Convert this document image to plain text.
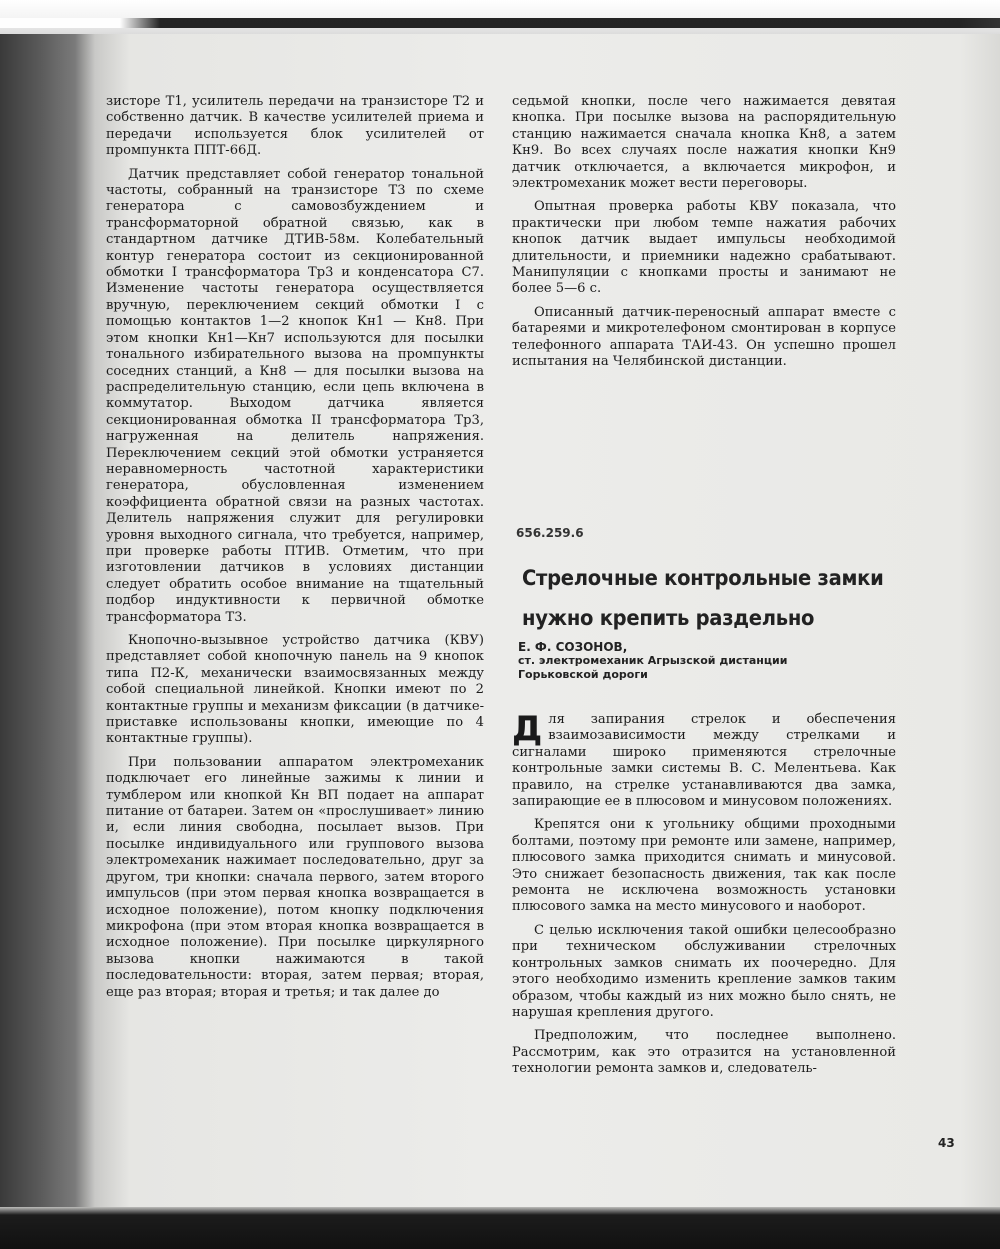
зисторе Т1, усилитель передачи на транзисторе Т2 и собственно датчик. В качестве усилителей приема и передачи используется блок усилителей от промпункта ППТ-66Д.

Датчик представляет собой генератор тональной частоты, собранный на транзисторе Т3 по схеме генератора с самовозбуждением и трансформаторной обратной связью, как в стандартном датчике ДТИВ-58м. Колебательный контур генератора состоит из секционированной обмотки I трансформатора Тр3 и конденсатора С7. Изменение частоты генератора осуществляется вручную, переключением секций обмотки I с помощью контактов 1—2 кнопок Кн1 — Кн8. При этом кнопки Кн1—Кн7 используются для посылки тонального избирательного вызова на промпункты соседних станций, а Кн8 — для посылки вызова на распределительную станцию, если цепь включена в коммутатор. Выходом датчика является секционированная обмотка II трансформатора Тр3, нагруженная на делитель напряжения. Переключением секций этой обмотки устраняется неравномерность частотной характеристики генератора, обусловленная изменением коэффициента обратной связи на разных частотах. Делитель напряжения служит для регулировки уровня выходного сигнала, что требуется, например, при проверке работы ПТИВ. Отметим, что при изготовлении датчиков в условиях дистанции следует обратить особое внимание на тщательный подбор индуктивности к первичной обмотке трансформатора Т3.

Кнопочно-вызывное устройство датчика (КВУ) представляет собой кнопочную панель на 9 кнопок типа П2-К, механически взаимосвязанных между собой специальной линейкой. Кнопки имеют по 2 контактные группы и механизм фиксации (в датчике-приставке использованы кнопки, имеющие по 4 контактные группы).

При пользовании аппаратом электромеханик подключает его линейные зажимы к линии и тумблером или кнопкой Кн ВП подает на аппарат питание от батареи. Затем он «прослушивает» линию и, если линия свободна, посылает вызов. При посылке индивидуального или группового вызова электромеханик нажимает последовательно, друг за другом, три кнопки: сначала первого, затем второго импульсов (при этом первая кнопка возвращается в исходное положение), потом кнопку подключения микрофона (при этом вторая кнопка возвращается в исходное положение). При посылке циркулярного вызова кнопки нажимаются в такой последовательности: вторая, затем первая; вторая, еще раз вторая; вторая и третья; и так далее до

седьмой кнопки, после чего нажимается девятая кнопка. При посылке вызова на распорядительную станцию нажимается сначала кнопка Кн8, а затем Кн9. Во всех случаях после нажатия кнопки Кн9 датчик отключается, а включается микрофон, и электромеханик может вести переговоры.

Опытная проверка работы КВУ показала, что практически при любом темпе нажатия рабочих кнопок датчик выдает импульсы необходимой длительности, и приемники надежно срабатывают. Манипуляции с кнопками просты и занимают не более 5—6 с.

Описанный датчик-переносный аппарат вместе с батареями и микротелефоном смонтирован в корпусе телефонного аппарата ТАИ-43. Он успешно прошел испытания на Челябинской дистанции.

656.259.6
Стрелочные контрольные замки
нужно крепить раздельно
Е. Ф. СОЗОНОВ,
ст. электромеханик Агрызской дистанции
Горьковской дороги

Для запирания стрелок и обеспечения взаимозависимости между стрелками и сигналами широко применяются стрелочные контрольные замки системы В. С. Мелентьева. Как правило, на стрелке устанавливаются два замка, запирающие ее в плюсовом и минусовом положениях.

Крепятся они к угольнику общими проходными болтами, поэтому при ремонте или замене, например, плюсового замка приходится снимать и минусовой. Это снижает безопасность движения, так как после ремонта не исключена возможность установки плюсового замка на место минусового и наоборот.

С целью исключения такой ошибки целесообразно при техническом обслуживании стрелочных контрольных замков снимать их поочередно. Для этого необходимо изменить крепление замков таким образом, чтобы каждый из них можно было снять, не нарушая крепления другого.

Предположим, что последнее выполнено. Рассмотрим, как это отразится на установленной технологии ремонта замков и, следователь-

43
